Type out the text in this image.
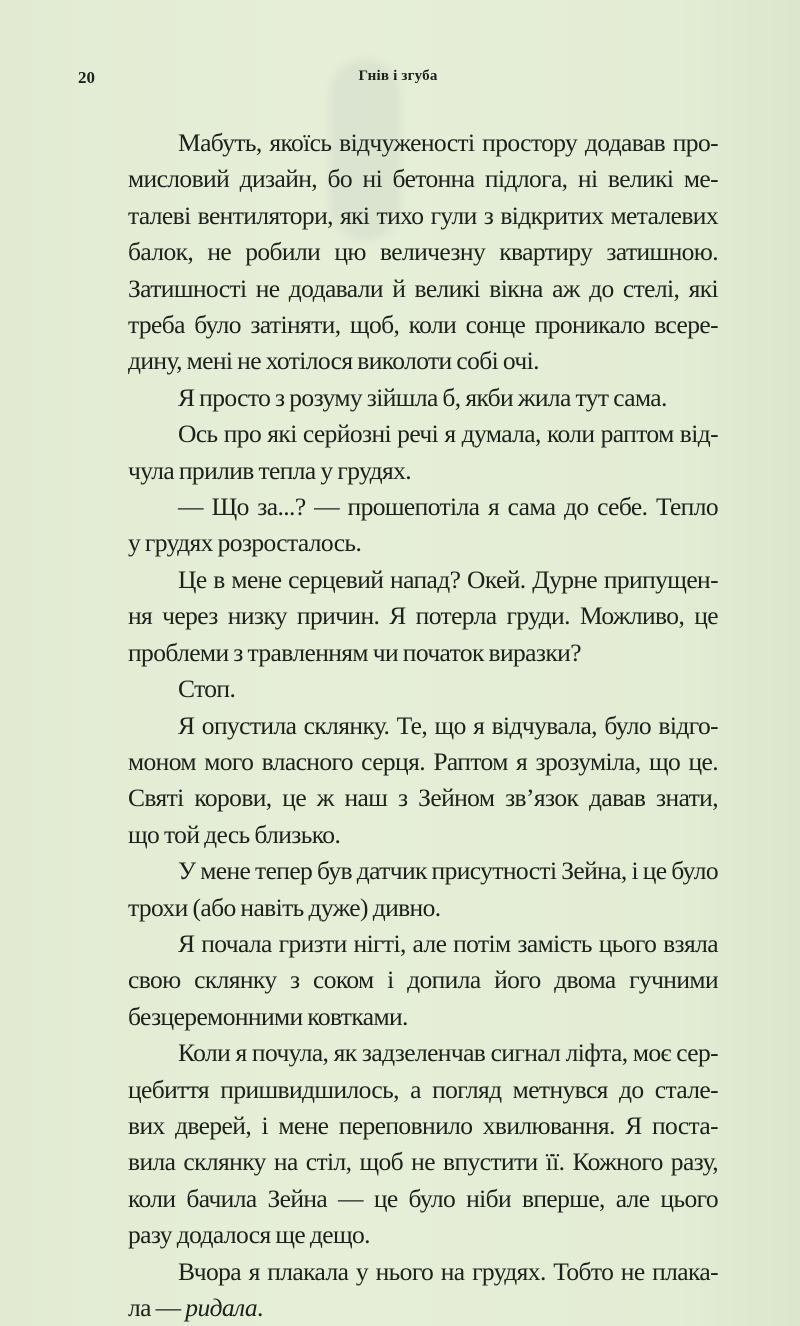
20	Гнів і згуба

Мабуть, якоїсь відчуженості простору додавав про-
мисловий дизайн, бо ні бетонна підлога, ні великі ме-
талеві вентилятори, які тихо гули з відкритих металевих
балок, не робили цю величезну квартиру затишною.
Затишності не додавали й великі вікна аж до стелі, які
треба було затіняти, щоб, коли сонце проникало всере-
дину, мені не хотілося виколоти собі очі.

Я просто з розуму зійшла б, якби жила тут сама.

Ось про які серйозні речі я думала, коли раптом від-
чула прилив тепла у грудях.

— Що за...? — прошепотіла я сама до себе. Тепло
у грудях розросталось.

Це в мене серцевий напад? Окей. Дурне припущен-
ня через низку причин. Я потерла груди. Можливо, це
проблеми з травленням чи початок виразки?

Стоп.

Я опустила склянку. Те, що я відчувала, було відго-
моном мого власного серця. Раптом я зрозуміла, що це.
Святі корови, це ж наш з Зейном зв’язок давав знати,
що той десь близько.

У мене тепер був датчик присутності Зейна, і це було
трохи (або навіть дуже) дивно.

Я почала гризти нігті, але потім замість цього взяла
свою склянку з соком і допила його двома гучними
безцеремонними ковтками.

Коли я почула, як задзеленчав сигнал ліфта, моє сер-
цебиття пришвидшилось, а погляд метнувся до стале-
вих дверей, і мене переповнило хвилювання. Я поста-
вила склянку на стіл, щоб не впустити її. Кожного разу,
коли бачила Зейна — це було ніби вперше, але цього
разу додалося ще дещо.

Вчора я плакала у нього на грудях. Тобто не плака-
ла — ридала.
